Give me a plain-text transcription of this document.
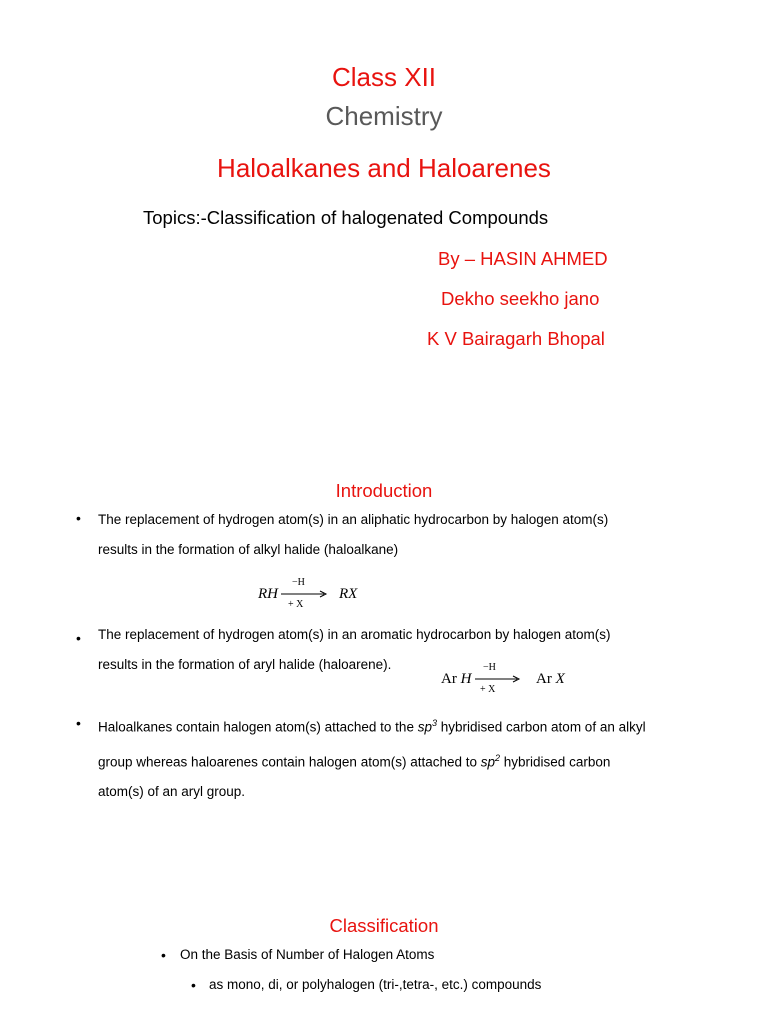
Class XII
Chemistry
Haloalkanes and Haloarenes
Topics:-Classification of halogenated Compounds
By – HASIN AHMED
Dekho seekho jano
K V Bairagarh Bhopal
Introduction
• The replacement of hydrogen atom(s) in an aliphatic hydrocarbon by halogen atom(s)
results in the formation of alkyl halide (haloalkane)
RH
−H
+ X
RX
• The replacement of hydrogen atom(s) in an aromatic hydrocarbon by halogen atom(s)
results in the formation of aryl halide (haloarene).
Ar H
−H
+ X
Ar X
• Haloalkanes contain halogen atom(s) attached to the $sp^3$ hybridised carbon atom of an alkyl
group whereas haloarenes contain halogen atom(s) attached to $sp^2$ hybridised carbon
atom(s) of an aryl group.
Classification
• On the Basis of Number of Halogen Atoms
• as mono, di, or polyhalogen (tri-,tetra-, etc.) compounds
